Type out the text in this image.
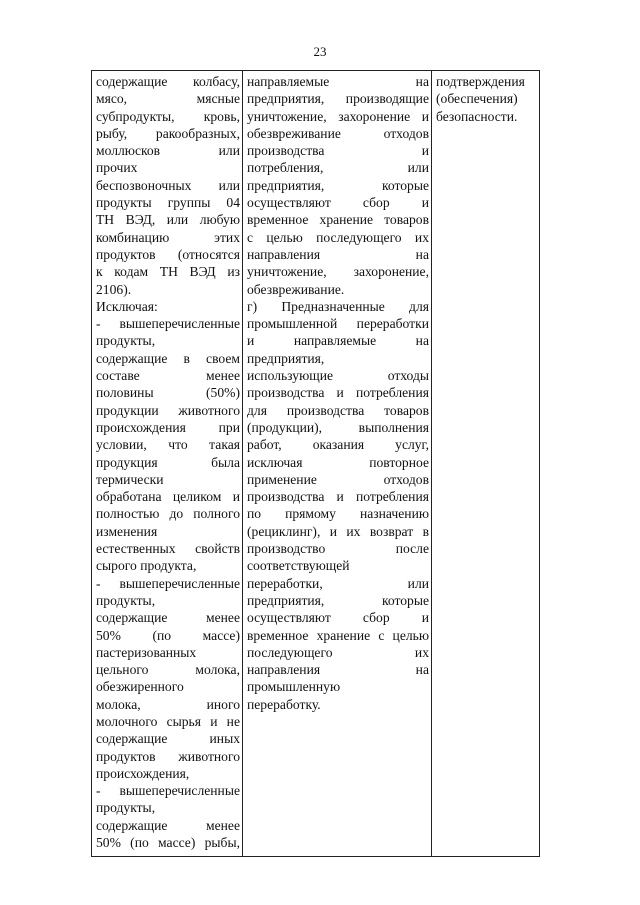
23
содержащие колбасу,
мясо, мясные
субпродукты, кровь,
рыбу, ракообразных,
моллюсков или
прочих
беспозвоночных или
продукты группы 04
ТН ВЭД, или любую
комбинацию этих
продуктов (относятся
к кодам ТН ВЭД из
2106).
Исключая:
- вышеперечисленные
продукты,
содержащие в своем
составе менее
половины (50%)
продукции животного
происхождения при
условии, что такая
продукция была
термически
обработана целиком и
полностью до полного
изменения
естественных свойств
сырого продукта,
- вышеперечисленные
продукты,
содержащие менее
50% (по массе)
пастеризованных
цельного молока,
обезжиренного
молока, иного
молочного сырья и не
содержащие иных
продуктов животного
происхождения,
- вышеперечисленные
продукты,
содержащие менее
50% (по массе) рыбы,
направляемые на
предприятия, производящие
уничтожение, захоронение и
обезвреживание отходов
производства и
потребления, или
предприятия, которые
осуществляют сбор и
временное хранение товаров
с целью последующего их
направления на
уничтожение, захоронение,
обезвреживание.
г) Предназначенные для
промышленной переработки
и направляемые на
предприятия,
использующие отходы
производства и потребления
для производства товаров
(продукции), выполнения
работ, оказания услуг,
исключая повторное
применение отходов
производства и потребления
по прямому назначению
(рециклинг), и их возврат в
производство после
соответствующей
переработки, или
предприятия, которые
осуществляют сбор и
временное хранение с целью
последующего их
направления на
промышленную
переработку.
подтверждения
(обеспечения)
безопасности.
